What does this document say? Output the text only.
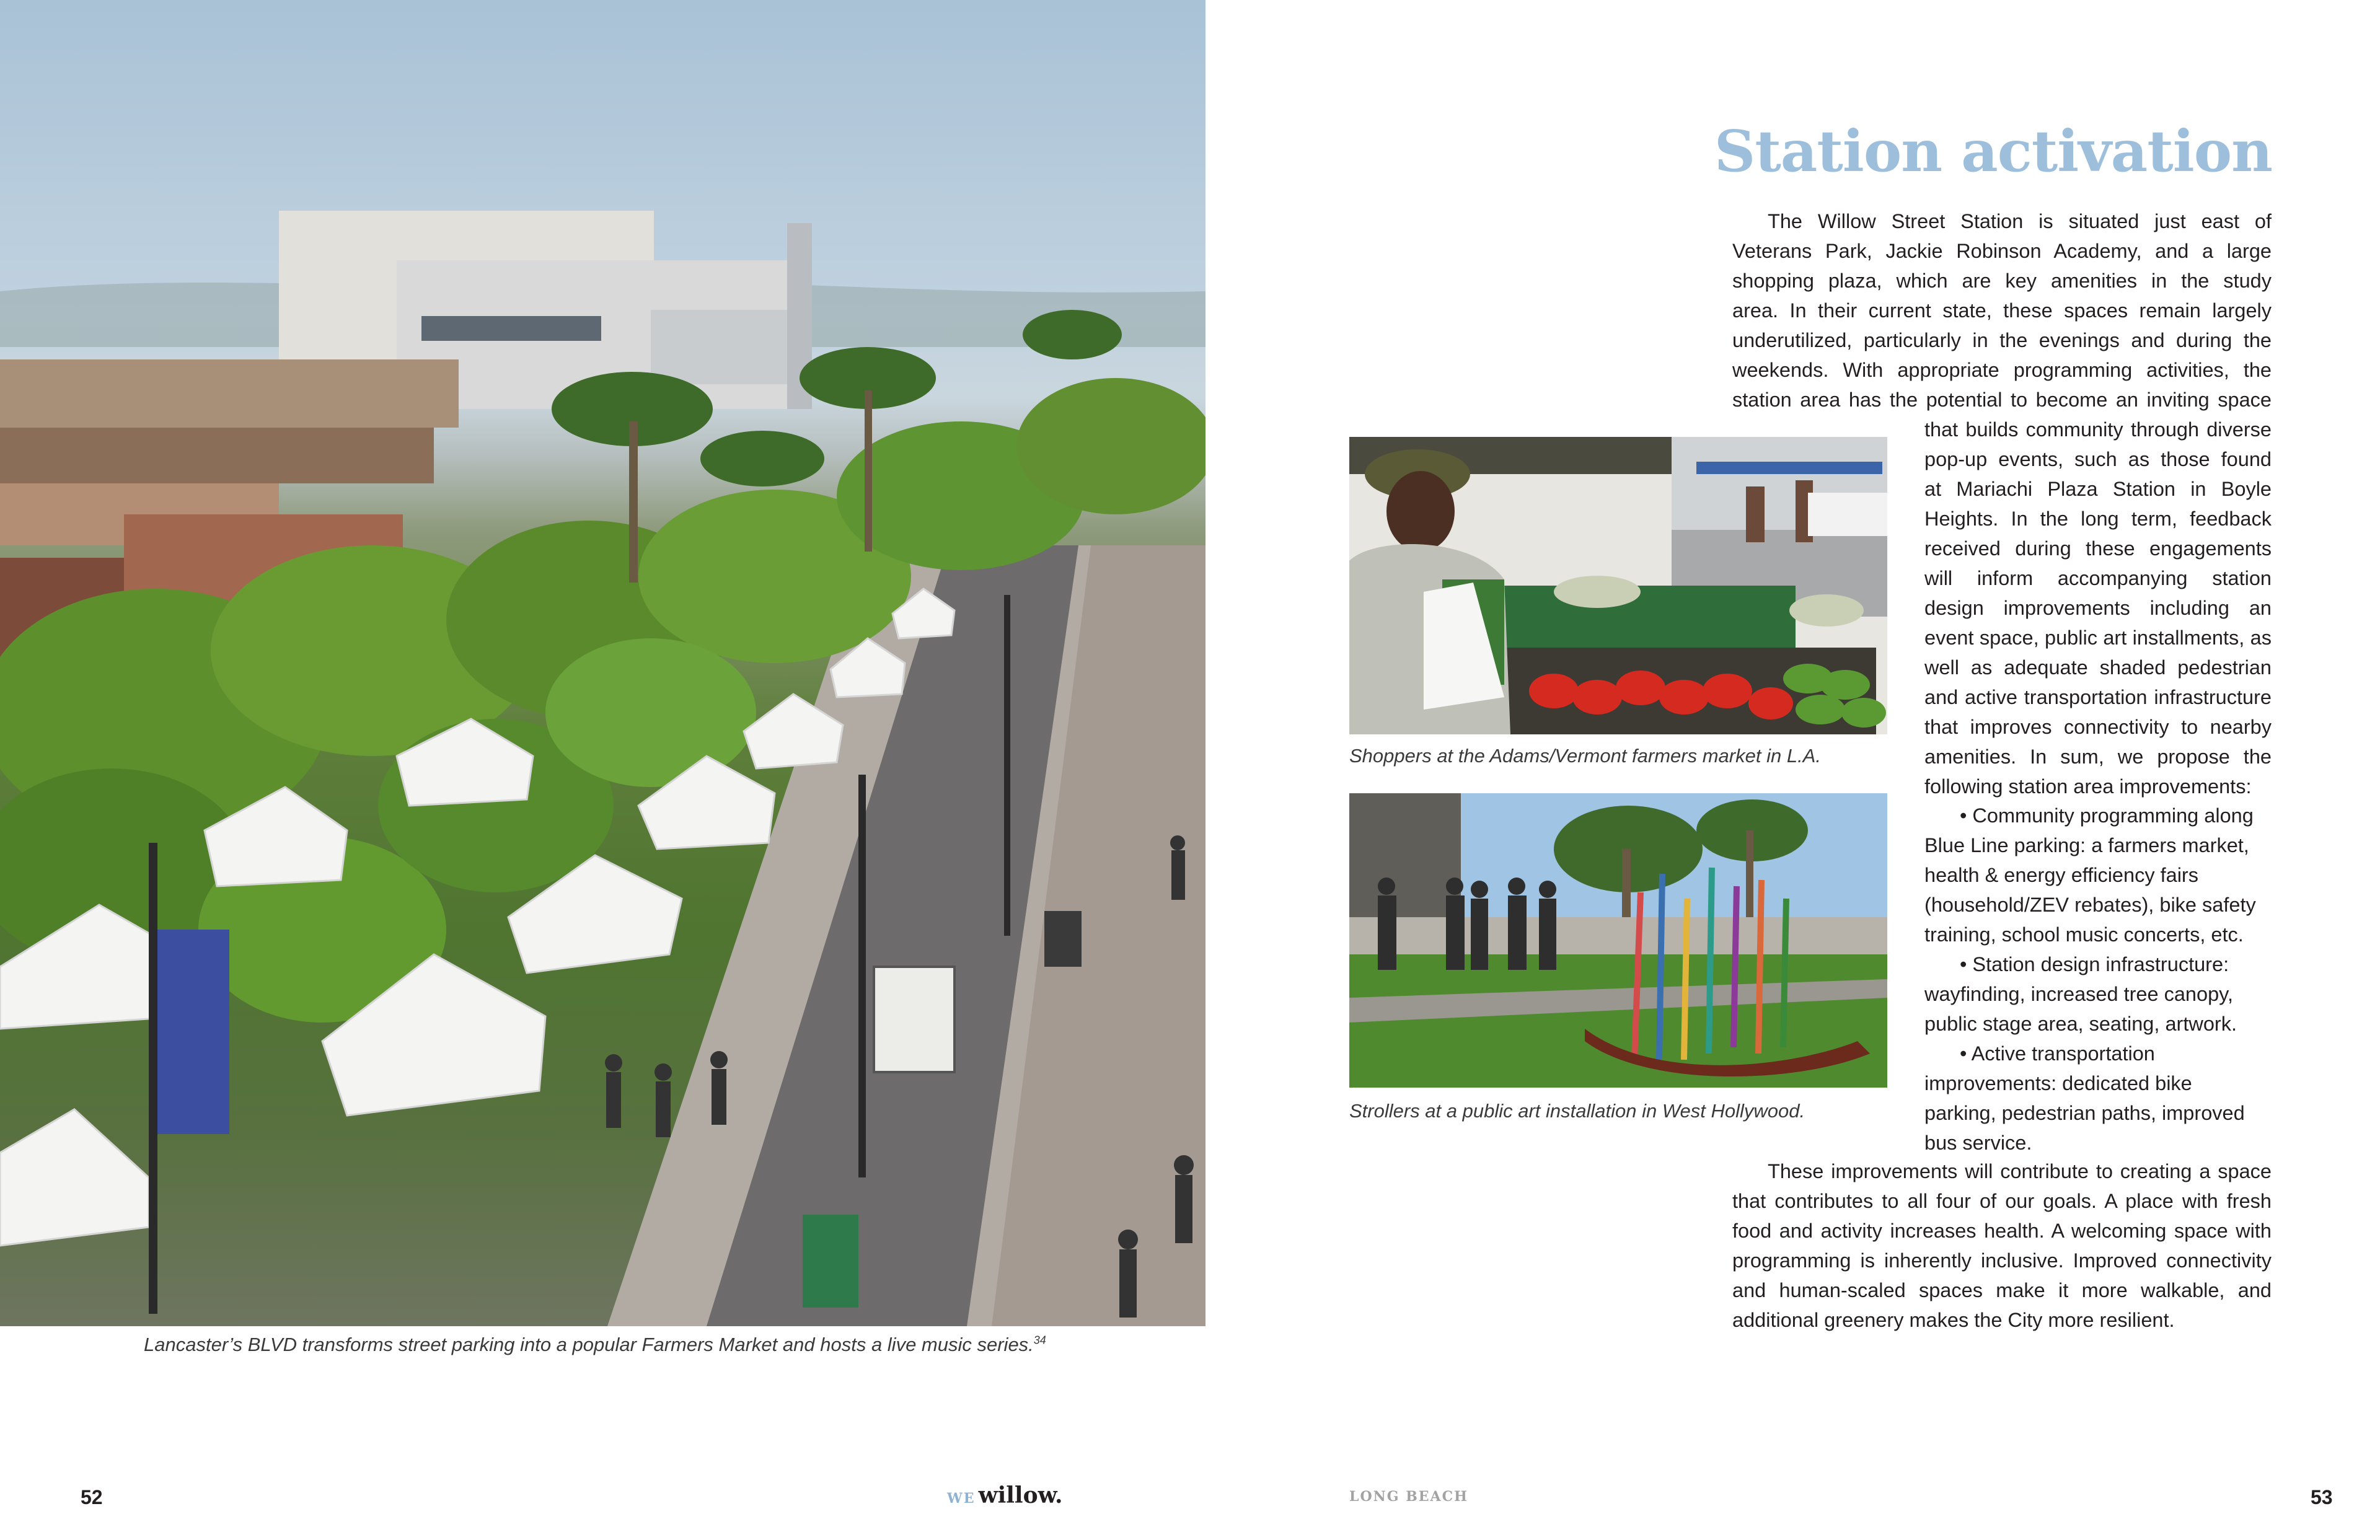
Lancaster’s BLVD transforms street parking into a popular Farmers Market and hosts a live music series.$^{34}$
Station activation
The Willow Street Station is situated just east of
Veterans Park, Jackie Robinson Academy, and a large
shopping plaza, which are key amenities in the study
area. In their current state, these spaces remain largely
underutilized, particularly in the evenings and during the
weekends. With appropriate programming activities, the
station area has the potential to become an inviting space
that builds community through diverse
pop-up events, such as those found
at Mariachi Plaza Station in Boyle
Heights. In the long term, feedback
received during these engagements
will inform accompanying station
design improvements including an
event space, public art installments, as
well as adequate shaded pedestrian
and active transportation infrastructure
that improves connectivity to nearby
amenities. In sum, we propose the
following station area improvements:
• Community programming along
Blue Line parking: a farmers market,
health & energy efficiency fairs
(household/ZEV rebates), bike safety
training, school music concerts, etc.
• Station design infrastructure:
wayfinding, increased tree canopy,
public stage area, seating, artwork.
• Active transportation
improvements: dedicated bike
parking, pedestrian paths, improved
bus service.
These improvements will contribute to creating a space
that contributes to all four of our goals. A place with fresh
food and activity increases health. A welcoming space with
programming is inherently inclusive. Improved connectivity
and human-scaled spaces make it more walkable, and
additional greenery makes the City more resilient.
Shoppers at the Adams/Vermont farmers market in L.A.
Strollers at a public art installation in West Hollywood.
52	WE willow.	LONG BEACH	53
